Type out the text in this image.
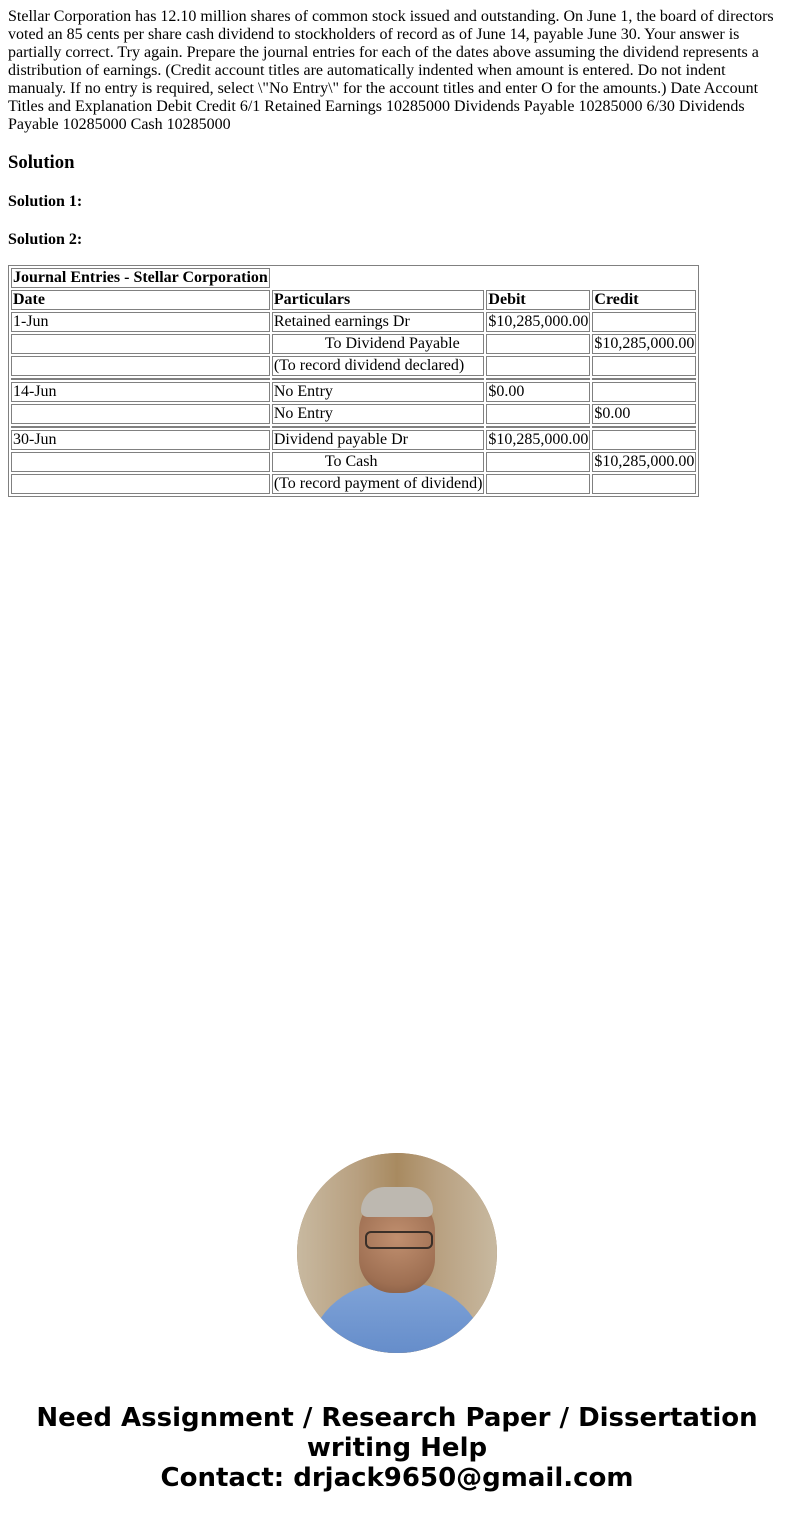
Stellar Corporation has 12.10 million shares of common stock issued and outstanding. On June 1, the board of directors voted an 85 cents per share cash dividend to stockholders of record as of June 14, payable June 30. Your answer is partially correct. Try again. Prepare the journal entries for each of the dates above assuming the dividend represents a distribution of earnings. (Credit account titles are automatically indented when amount is entered. Do not indent manualy. If no entry is required, select \"No Entry\" for the account titles and enter O for the amounts.) Date Account Titles and Explanation Debit Credit 6/1 Retained Earnings 10285000 Dividends Payable 10285000 6/30 Dividends Payable 10285000 Cash 10285000

Solution
Solution 1:
Solution 2:
Journal Entries - Stellar Corporation			
Date	Particulars	Debit	Credit
1-Jun	Retained earnings Dr	$10,285,000.00	
	To Dividend Payable		$10,285,000.00
	(To record dividend declared)		

14-Jun	No Entry	$0.00	
	No Entry		$0.00

30-Jun	Dividend payable Dr	$10,285,000.00	
	To Cash		$10,285,000.00
	(To record payment of dividend)		
Need Assignment / Research Paper / Dissertation
writing Help
Contact: drjack9650@gmail.com
